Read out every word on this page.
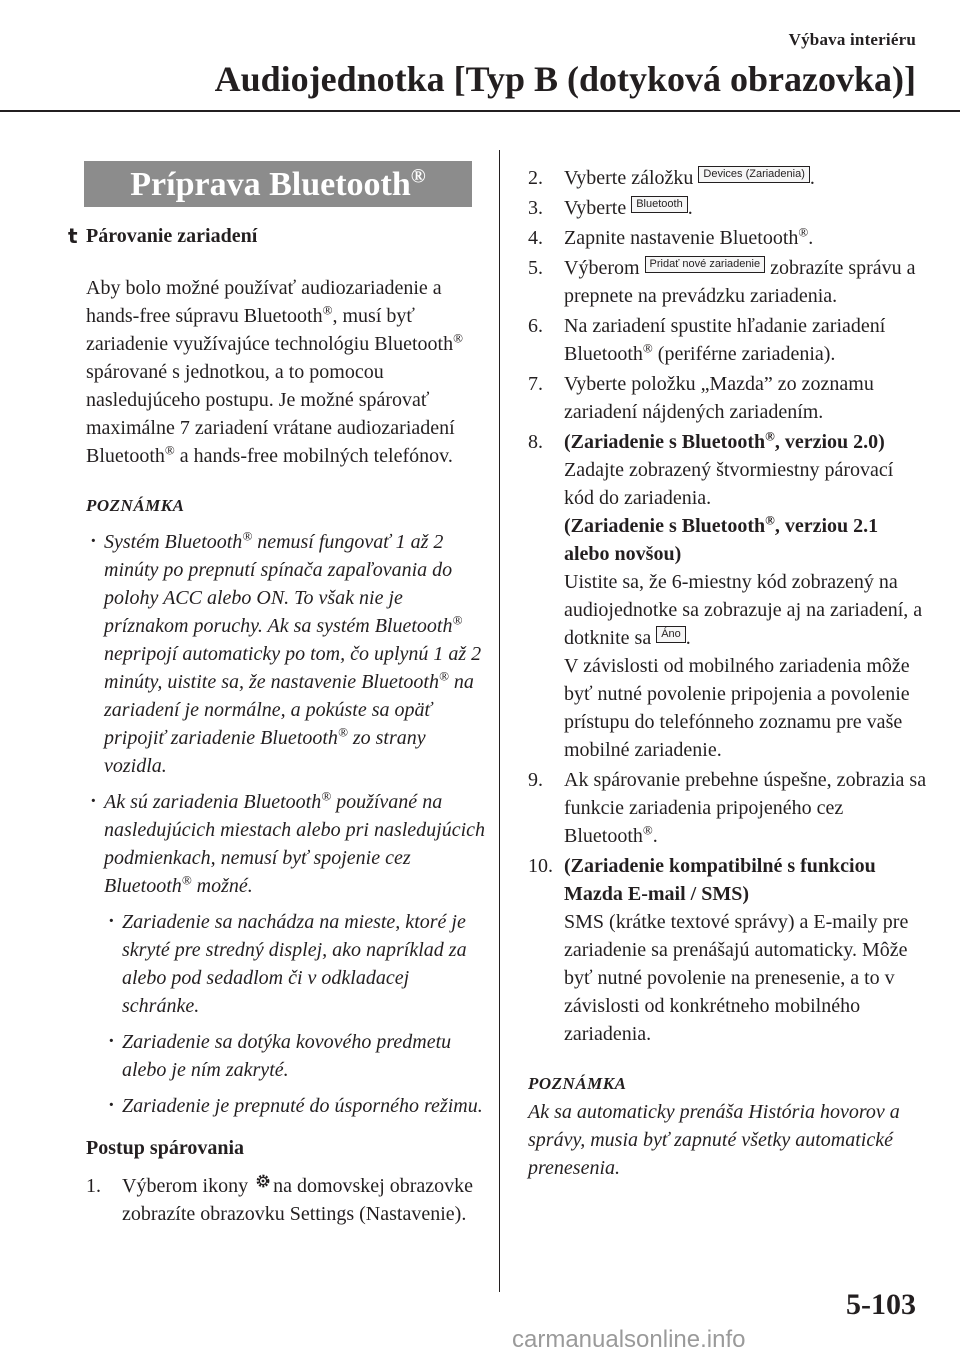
Výbava interiéru
Audiojednotka [Typ B (dotyková obrazovka)]
Príprava Bluetooth®

t Párovanie zariadení

Aby bolo možné používať audiozariadenie a hands-free súpravu Bluetooth®, musí byť zariadenie využívajúce technológiu Bluetooth® spárované s jednotkou, a to pomocou nasledujúceho postupu. Je možné spárovať maximálne 7 zariadení vrátane audiozariadení Bluetooth® a hands-free mobilných telefónov.

POZNÁMKA

· Systém Bluetooth® nemusí fungovať 1 až 2 minúty po prepnutí spínača zapaľovania do polohy ACC alebo ON. To však nie je príznakom poruchy. Ak sa systém Bluetooth® nepripojí automaticky po tom, čo uplynú 1 až 2 minúty, uistite sa, že nastavenie Bluetooth® na zariadení je normálne, a pokúste sa opäť pripojiť zariadenie Bluetooth® zo strany vozidla.
· Ak sú zariadenia Bluetooth® používané na nasledujúcich miestach alebo pri nasledujúcich podmienkach, nemusí byť spojenie cez Bluetooth® možné.
· Zariadenie sa nachádza na mieste, ktoré je skryté pre stredný displej, ako napríklad za alebo pod sedadlom či v odkladacej schránke.
· Zariadenie sa dotýka kovového predmetu alebo je ním zakryté.
· Zariadenie je prepnuté do úsporného režimu.

Postup spárovania

1. Výberom ikony na domovskej obrazovke zobrazíte obrazovku Settings (Nastavenie).
2. Vyberte záložku Devices (Zariadenia) .
3. Vyberte Bluetooth .
4. Zapnite nastavenie Bluetooth®.
5. Výberom Pridať nové zariadenie zobrazíte správu a prepnete na prevádzku zariadenia.
6. Na zariadení spustite hľadanie zariadení Bluetooth® (periférne zariadenia).
7. Vyberte položku „Mazda” zo zoznamu zariadení nájdených zariadením.
8. (Zariadenie s Bluetooth®, verziou 2.0)
Zadajte zobrazený štvormiestny párovací kód do zariadenia.
(Zariadenie s Bluetooth®, verziou 2.1 alebo novšou)
Uistite sa, že 6-miestny kód zobrazený na audiojednotke sa zobrazuje aj na zariadení, a dotknite sa Áno .
V závislosti od mobilného zariadenia môže byť nutné povolenie pripojenia a povolenie prístupu do telefónneho zoznamu pre vaše mobilné zariadenie.
9. Ak spárovanie prebehne úspešne, zobrazia sa funkcie zariadenia pripojeného cez Bluetooth®.
10. (Zariadenie kompatibilné s funkciou Mazda E-mail / SMS)
SMS (krátke textové správy) a E-maily pre zariadenie sa prenášajú automaticky. Môže byť nutné povolenie na prenesenie, a to v závislosti od konkrétneho mobilného zariadenia.

POZNÁMKA

Ak sa automaticky prenáša História hovorov a správy, musia byť zapnuté všetky automatické prenesenia.

5-103
carmanualsonline.info
